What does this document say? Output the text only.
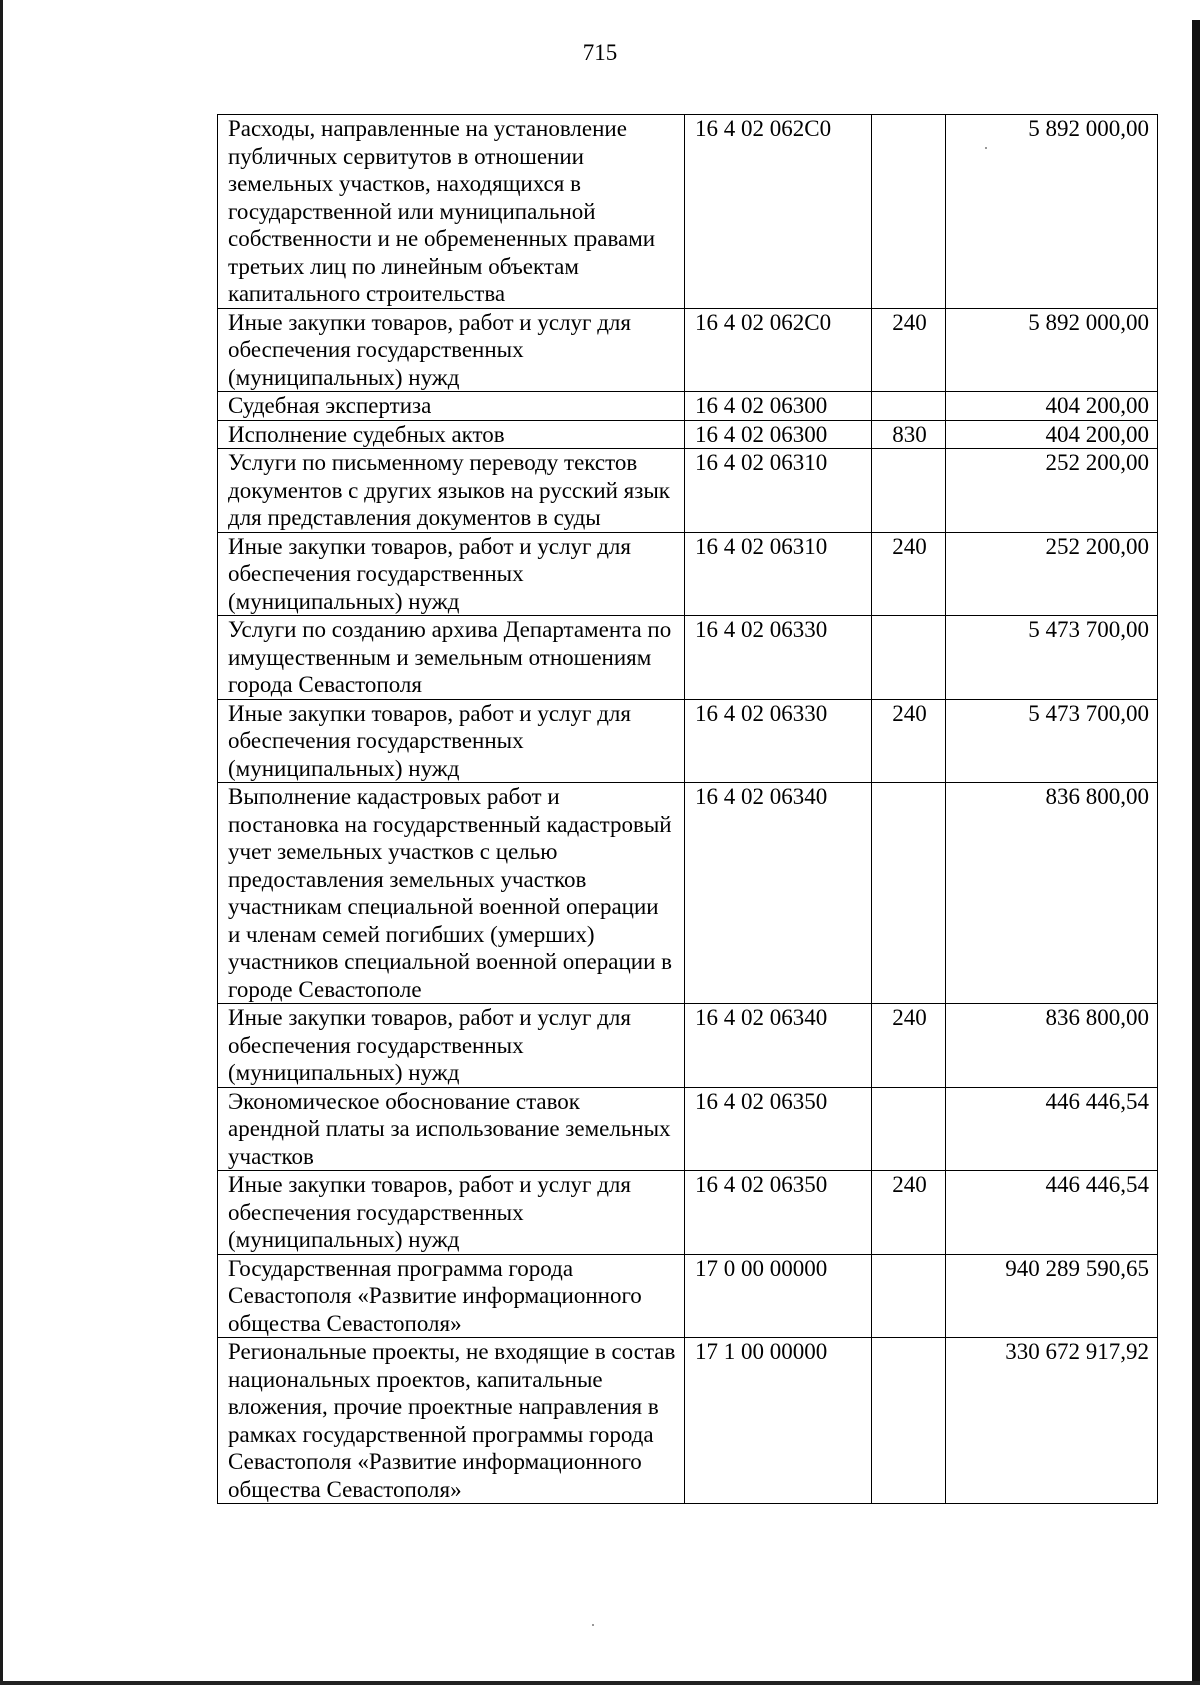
715
Расходы, направленные на установление публичных сервитутов в отношении земельных участков, находящихся в государственной или муниципальной собственности и не обремененных правами третьих лиц по линейным объектам капитального строительства	16 4 02 062С0		5 892 000,00
Иные закупки товаров, работ и услуг для обеспечения государственных (муниципальных) нужд	16 4 02 062С0	240	5 892 000,00
Судебная экспертиза	16 4 02 06300		404 200,00
Исполнение судебных актов	16 4 02 06300	830	404 200,00
Услуги по письменному переводу текстов документов с других языков на русский язык для представления документов в суды	16 4 02 06310		252 200,00
Иные закупки товаров, работ и услуг для обеспечения государственных (муниципальных) нужд	16 4 02 06310	240	252 200,00
Услуги по созданию архива Департамента по имущественным и земельным отношениям города Севастополя	16 4 02 06330		5 473 700,00
Иные закупки товаров, работ и услуг для обеспечения государственных (муниципальных) нужд	16 4 02 06330	240	5 473 700,00
Выполнение кадастровых работ и постановка на государственный кадастровый учет земельных участков с целью предоставления земельных участков участникам специальной военной операции и членам семей погибших (умерших) участников специальной военной операции в городе Севастополе	16 4 02 06340		836 800,00
Иные закупки товаров, работ и услуг для обеспечения государственных (муниципальных) нужд	16 4 02 06340	240	836 800,00
Экономическое обоснование ставок арендной платы за использование земельных участков	16 4 02 06350		446 446,54
Иные закупки товаров, работ и услуг для обеспечения государственных (муниципальных) нужд	16 4 02 06350	240	446 446,54
Государственная программа города Севастополя «Развитие информационного общества Севастополя»	17 0 00 00000		940 289 590,65
Региональные проекты, не входящие в состав национальных проектов, капитальные вложения, прочие проектные направления в рамках государственной программы города Севастополя «Развитие информационного общества Севастополя»	17 1 00 00000		330 672 917,92
